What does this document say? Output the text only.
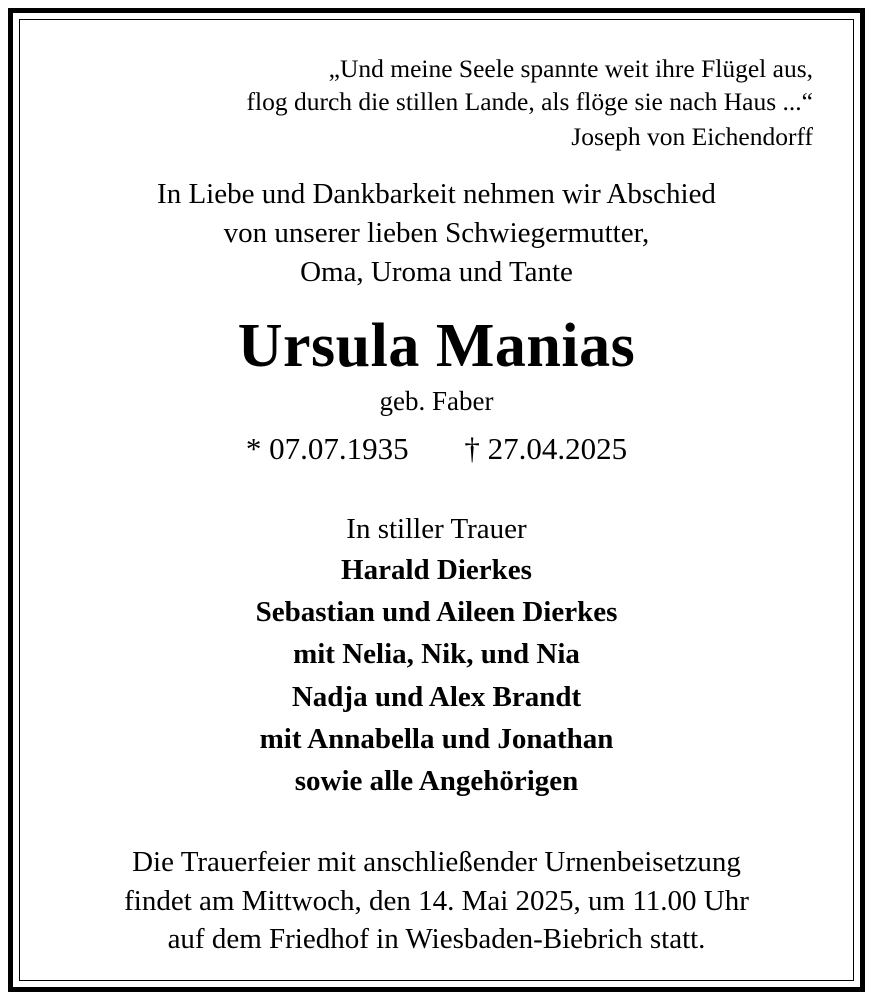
„Und meine Seele spannte weit ihre Flügel aus,
flog durch die stillen Lande, als flöge sie nach Haus ...“
Joseph von Eichendorff
In Liebe und Dankbarkeit nehmen wir Abschied
von unserer lieben Schwiegermutter,
Oma, Uroma und Tante
Ursula Manias
geb. Faber
* 07.07.1935 † 27.04.2025
In stiller Trauer
Harald Dierkes
Sebastian und Aileen Dierkes
mit Nelia, Nik, und Nia
Nadja und Alex Brandt
mit Annabella und Jonathan
sowie alle Angehörigen
Die Trauerfeier mit anschließender Urnenbeisetzung
findet am Mittwoch, den 14. Mai 2025, um 11.00 Uhr
auf dem Friedhof in Wiesbaden-Biebrich statt.
